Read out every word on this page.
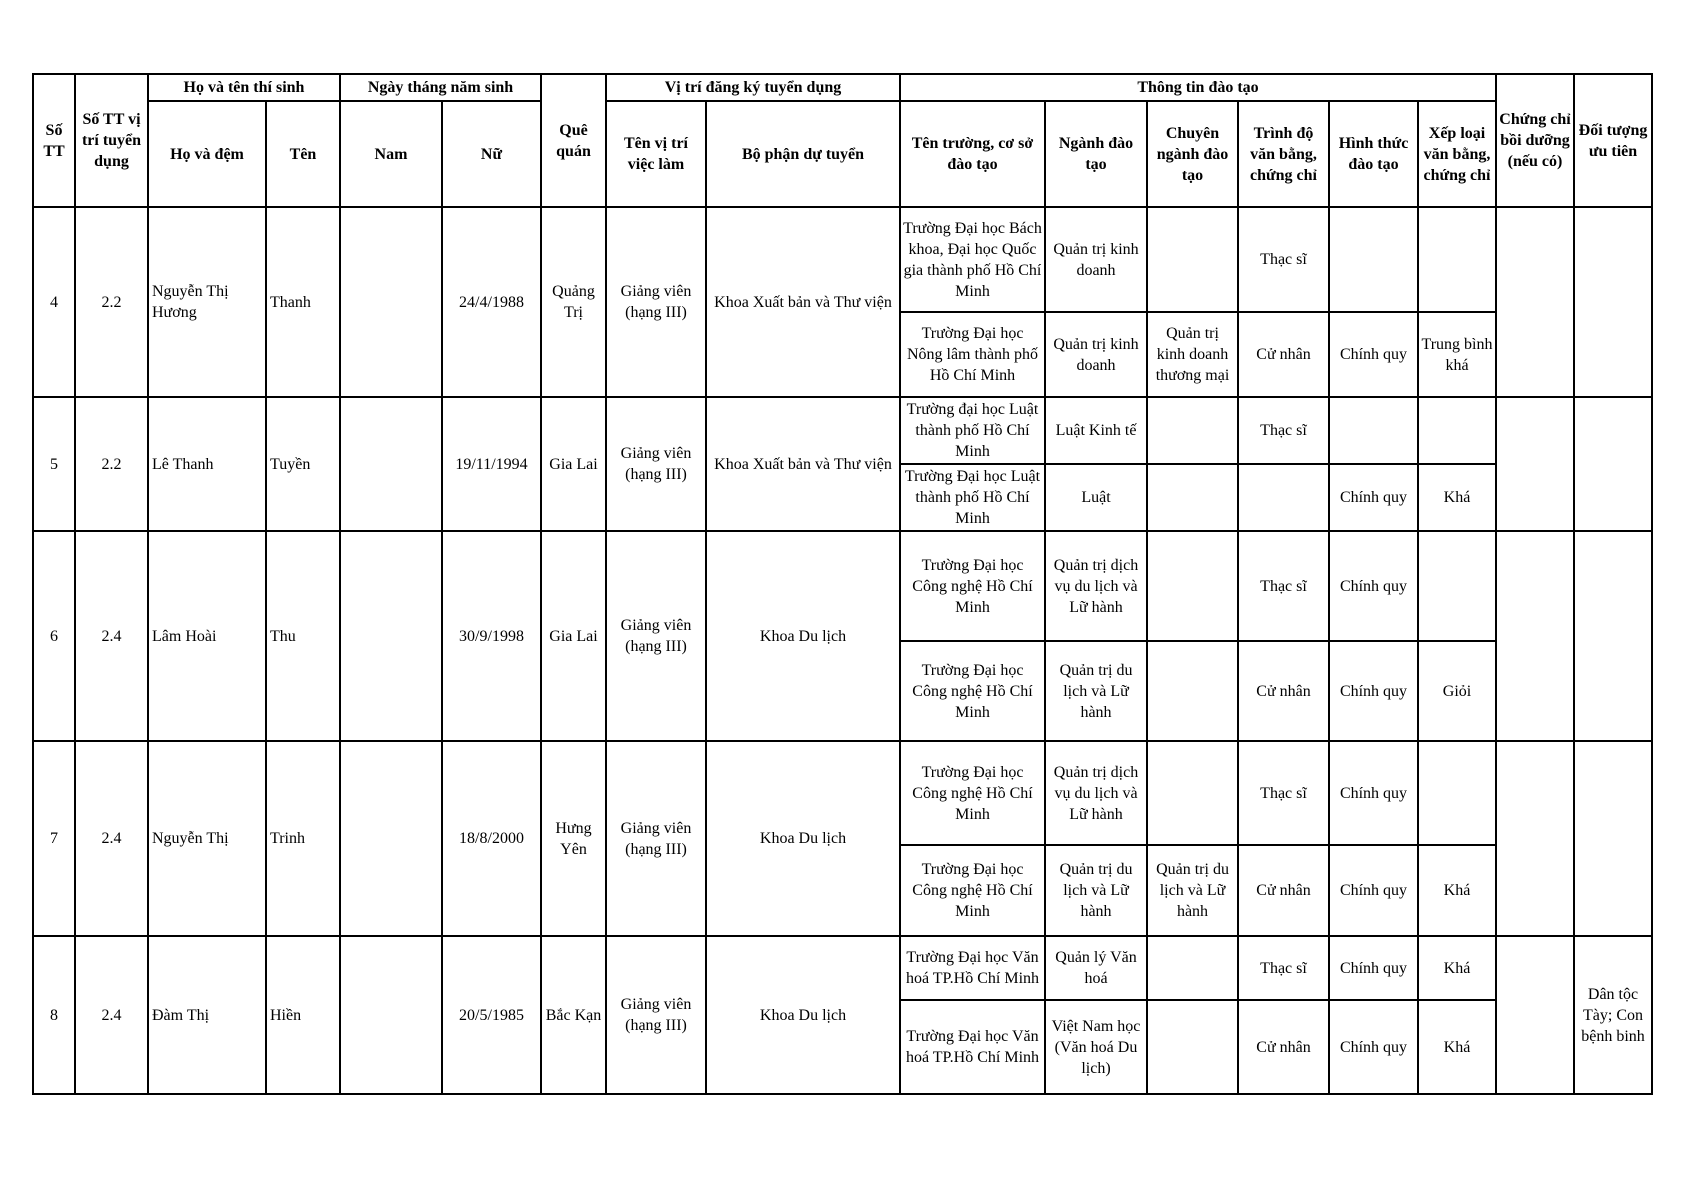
Số TT	Số TT vị trí tuyển dụng	Họ và tên thí sinh		Ngày tháng năm sinh		Quê quán	Vị trí đăng ký tuyển dụng		Thông tin đào tạo						Chứng chỉ bồi dưỡng (nếu có)	Đối tượng ưu tiên
		Họ và đệm	Tên	Nam	Nữ		Tên vị trí việc làm	Bộ phận dự tuyển	Tên trường, cơ sở đào tạo	Ngành đào tạo	Chuyên ngành đào tạo	Trình độ văn bằng, chứng chỉ	Hình thức đào tạo	Xếp loại văn bằng, chứng chỉ		
4	2.2	Nguyễn Thị Hương	Thanh		24/4/1988	Quảng Trị	Giảng viên (hạng III)	Khoa Xuất bản và Thư viện	Trường Đại học Bách khoa, Đại học Quốc gia thành phố Hồ Chí Minh	Quản trị kinh doanh		Thạc sĩ				
									Trường Đại học Nông lâm thành phố Hồ Chí Minh	Quản trị kinh doanh	Quản trị kinh doanh thương mại	Cử nhân	Chính quy	Trung bình khá		
5	2.2	Lê Thanh	Tuyền		19/11/1994	Gia Lai	Giảng viên (hạng III)	Khoa Xuất bản và Thư viện	Trường đại học Luật thành phố Hồ Chí Minh	Luật Kinh tế		Thạc sĩ				
									Trường Đại học Luật thành phố Hồ Chí Minh	Luật			Chính quy	Khá		
6	2.4	Lâm Hoài	Thu		30/9/1998	Gia Lai	Giảng viên (hạng III)	Khoa Du lịch	Trường Đại học Công nghệ Hồ Chí Minh	Quản trị dịch vụ du lịch và Lữ hành		Thạc sĩ	Chính quy			
									Trường Đại học Công nghệ Hồ Chí Minh	Quản trị du lịch và Lữ hành		Cử nhân	Chính quy	Giỏi		
7	2.4	Nguyễn Thị	Trinh		18/8/2000	Hưng Yên	Giảng viên (hạng III)	Khoa Du lịch	Trường Đại học Công nghệ Hồ Chí Minh	Quản trị dịch vụ du lịch và Lữ hành		Thạc sĩ	Chính quy			
									Trường Đại học Công nghệ Hồ Chí Minh	Quản trị du lịch và Lữ hành	Quản trị du lịch và Lữ hành	Cử nhân	Chính quy	Khá		
8	2.4	Đàm Thị	Hiền		20/5/1985	Bắc Kạn	Giảng viên (hạng III)	Khoa Du lịch	Trường Đại học Văn hoá TP.Hồ Chí Minh	Quản lý Văn hoá		Thạc sĩ	Chính quy	Khá		Dân tộc Tày; Con bệnh binh
									Trường Đại học Văn hoá TP.Hồ Chí Minh	Việt Nam học (Văn hoá Du lịch)		Cử nhân	Chính quy	Khá		
